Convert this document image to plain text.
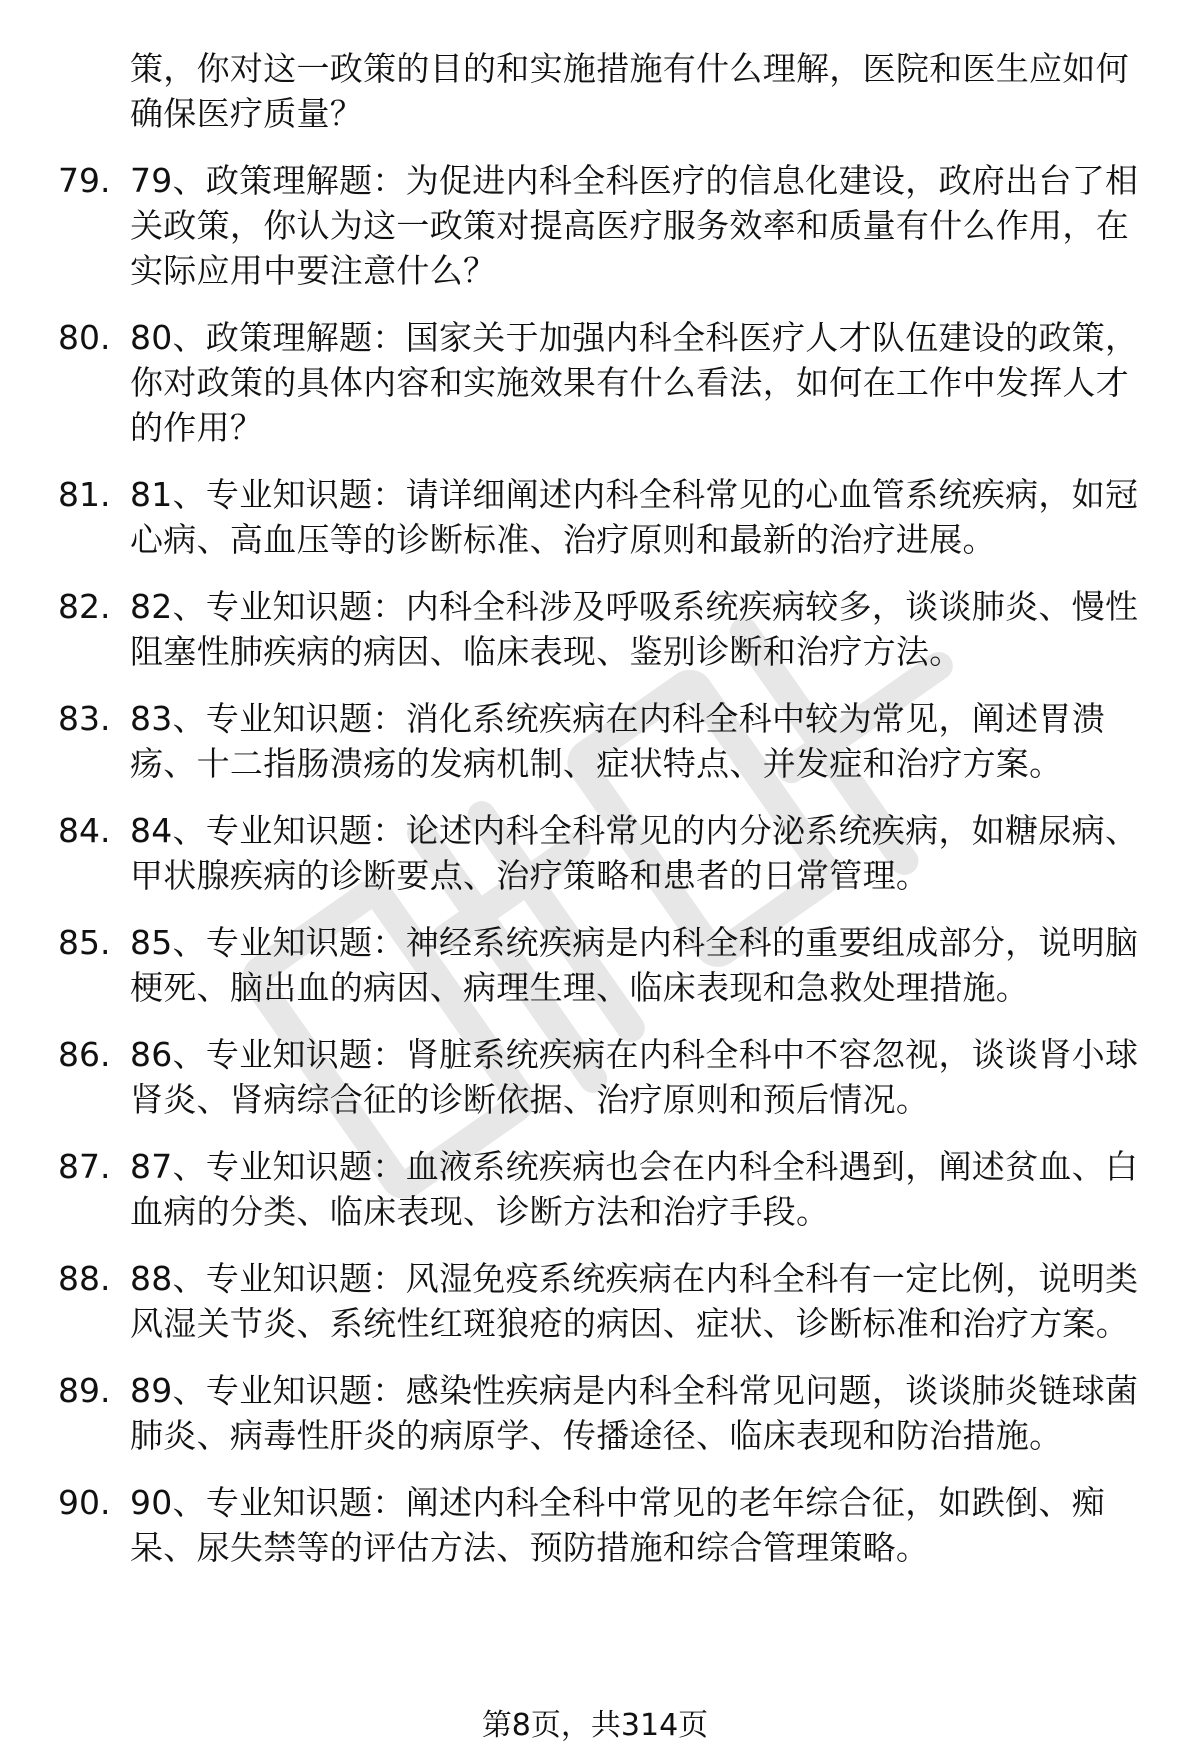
策，你对这一政策的目的和实施措施有什么理解，医院和医生应如何确保医疗质量？
79. 79、政策理解题：为促进内科全科医疗的信息化建设，政府出台了相关政策，你认为这一政策对提高医疗服务效率和质量有什么作用，在实际应用中要注意什么？
80. 80、政策理解题：国家关于加强内科全科医疗人才队伍建设的政策，你对政策的具体内容和实施效果有什么看法，如何在工作中发挥人才的作用？
81. 81、专业知识题：请详细阐述内科全科常见的心血管系统疾病，如冠心病、高血压等的诊断标准、治疗原则和最新的治疗进展。
82. 82、专业知识题：内科全科涉及呼吸系统疾病较多，谈谈肺炎、慢性阻塞性肺疾病的病因、临床表现、鉴别诊断和治疗方法。
83. 83、专业知识题：消化系统疾病在内科全科中较为常见，阐述胃溃疡、十二指肠溃疡的发病机制、症状特点、并发症和治疗方案。
84. 84、专业知识题：论述内科全科常见的内分泌系统疾病，如糖尿病、甲状腺疾病的诊断要点、治疗策略和患者的日常管理。
85. 85、专业知识题：神经系统疾病是内科全科的重要组成部分，说明脑梗死、脑出血的病因、病理生理、临床表现和急救处理措施。
86. 86、专业知识题：肾脏系统疾病在内科全科中不容忽视，谈谈肾小球肾炎、肾病综合征的诊断依据、治疗原则和预后情况。
87. 87、专业知识题：血液系统疾病也会在内科全科遇到，阐述贫血、白血病的分类、临床表现、诊断方法和治疗手段。
88. 88、专业知识题：风湿免疫系统疾病在内科全科有一定比例，说明类风湿关节炎、系统性红斑狼疮的病因、症状、诊断标准和治疗方案。
89. 89、专业知识题：感染性疾病是内科全科常见问题，谈谈肺炎链球菌肺炎、病毒性肝炎的病原学、传播途径、临床表现和防治措施。
90. 90、专业知识题：阐述内科全科中常见的老年综合征，如跌倒、痴呆、尿失禁等的评估方法、预防措施和综合管理策略。
第8页，共314页
